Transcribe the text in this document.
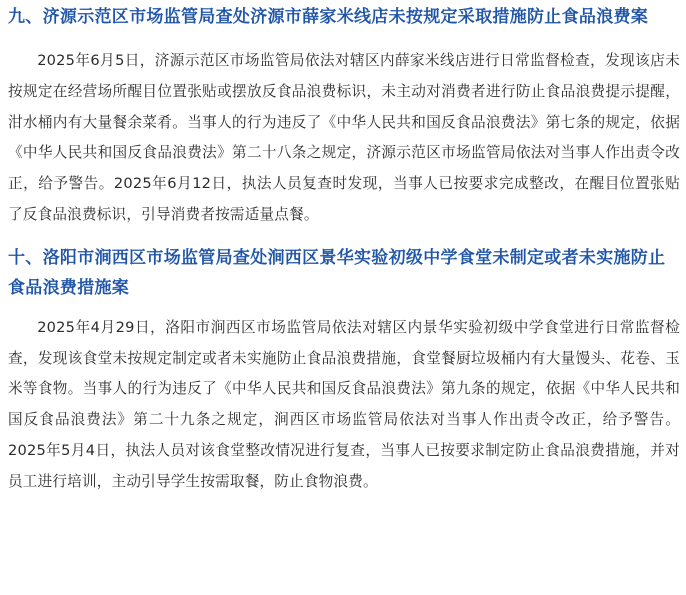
九、济源示范区市场监管局查处济源市薛家米线店未按规定采取措施防止食品浪费案

2025年6月5日，济源示范区市场监管局依法对辖区内薛家米线店进行日常监督检查，发现该店未按规定在经营场所醒目位置张贴或摆放反食品浪费标识，未主动对消费者进行防止食品浪费提示提醒，泔水桶内有大量餐余菜肴。当事人的行为违反了《中华人民共和国反食品浪费法》第七条的规定，依据《中华人民共和国反食品浪费法》第二十八条之规定，济源示范区市场监管局依法对当事人作出责令改正，给予警告。2025年6月12日，执法人员复查时发现，当事人已按要求完成整改，在醒目位置张贴了反食品浪费标识，引导消费者按需适量点餐。

十、洛阳市涧西区市场监管局查处涧西区景华实验初级中学食堂未制定或者未实施防止食品浪费措施案

2025年4月29日，洛阳市涧西区市场监管局依法对辖区内景华实验初级中学食堂进行日常监督检查，发现该食堂未按规定制定或者未实施防止食品浪费措施，食堂餐厨垃圾桶内有大量馒头、花卷、玉米等食物。当事人的行为违反了《中华人民共和国反食品浪费法》第九条的规定，依据《中华人民共和国反食品浪费法》第二十九条之规定，涧西区市场监管局依法对当事人作出责令改正，给予警告。2025年5月4日，执法人员对该食堂整改情况进行复查，当事人已按要求制定防止食品浪费措施，并对员工进行培训，主动引导学生按需取餐，防止食物浪费。
